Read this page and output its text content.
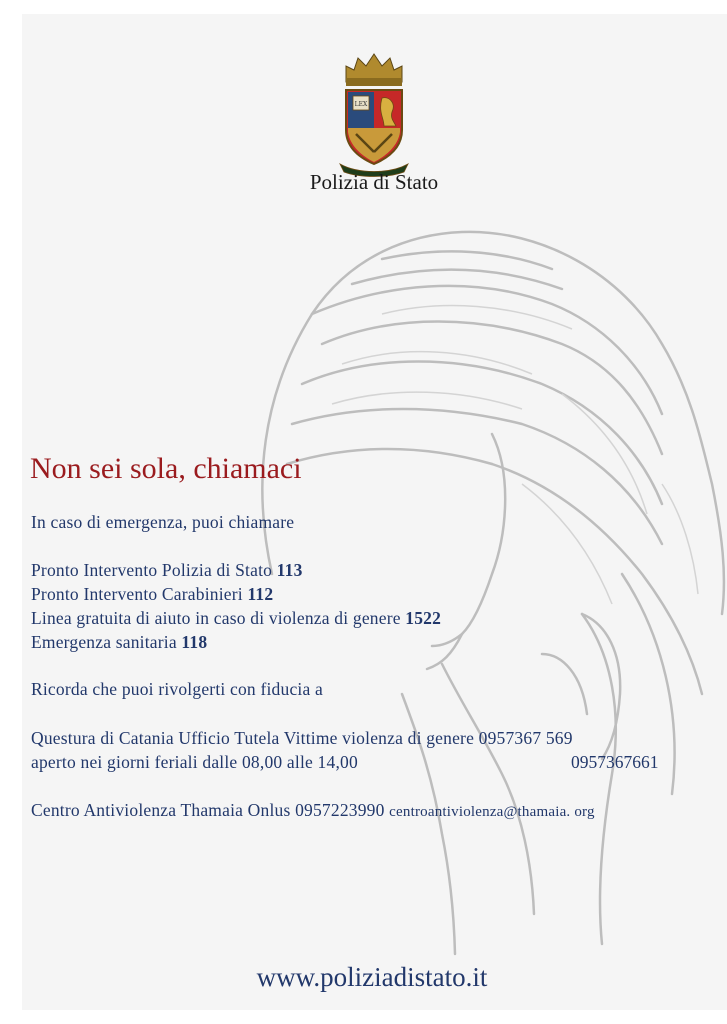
LEX
Polizia di Stato
Non sei sola, chiamaci
In caso di emergenza, puoi chiamare
Pronto Intervento Polizia di Stato 113
Pronto Intervento Carabinieri 112
Linea gratuita di aiuto in caso di violenza di genere 1522
Emergenza sanitaria 118
Ricorda che puoi rivolgerti con fiducia a
Questura di Catania Ufficio Tutela Vittime violenza di genere 0957367 569
aperto nei giorni feriali dalle 08,00 alle 14,00	0957367661
Centro Antiviolenza Thamaia Onlus 0957223990 centroantiviolenza@thamaia. org
www.poliziadistato.it
